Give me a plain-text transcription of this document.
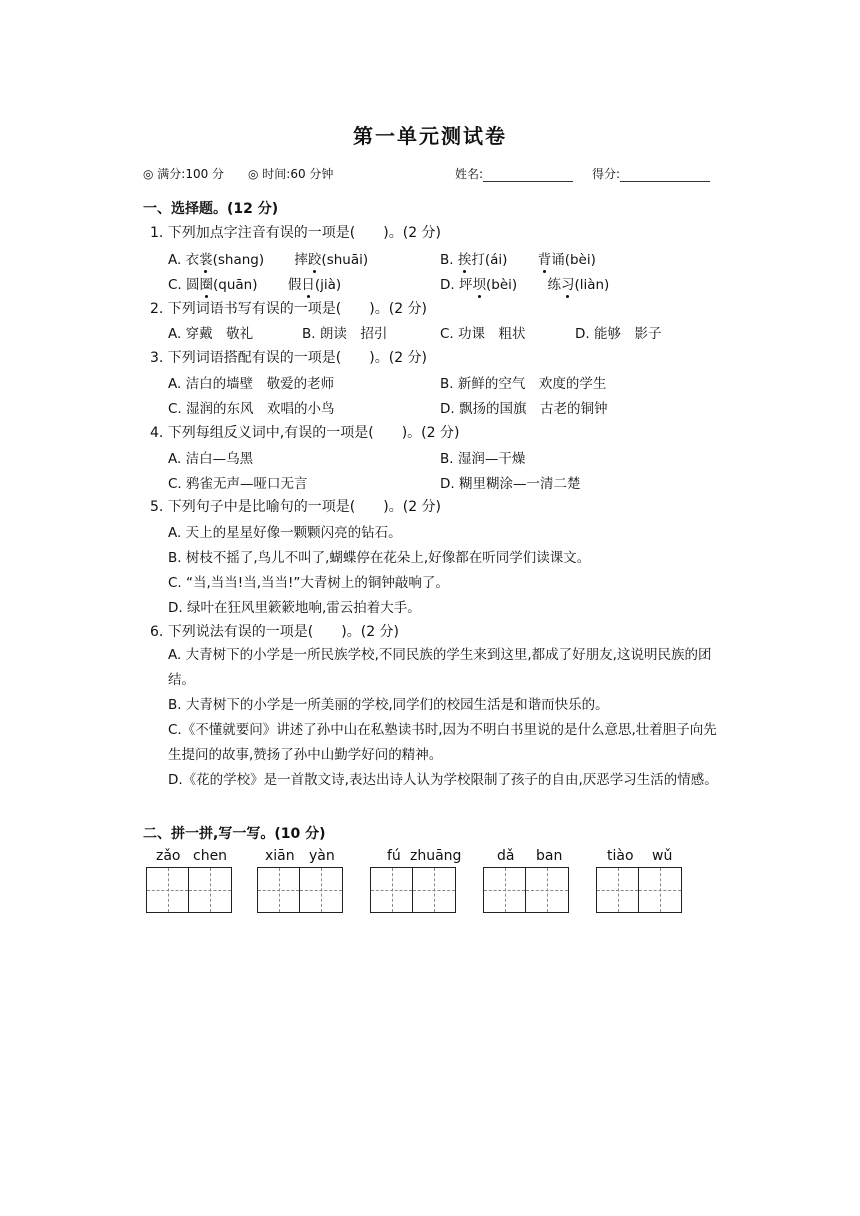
第一单元测试卷
◎ 满分:100 分 ◎ 时间:60 分钟	姓名:	得分:
一、选择题。(12 分)
1. 下列加点字注音有误的一项是(　　)。(2 分)
A. 衣裳(shang) 摔跤(shuāi)	B. 挨打(ái) 背诵(bèi)
C. 圆圈(quān) 假日(jià)	D. 坪坝(bèi) 练习(liàn)
2. 下列词语书写有误的一项是(　　)。(2 分)
A. 穿戴　敬礼	B. 朗读　招引	C. 功课　粗状	D. 能够　影子
3. 下列词语搭配有误的一项是(　　)。(2 分)
A. 洁白的墙壁　敬爱的老师	B. 新鲜的空气　欢度的学生
C. 湿润的东风　欢唱的小鸟	D. 飘扬的国旗　古老的铜钟
4. 下列每组反义词中,有误的一项是(　　)。(2 分)
A. 洁白—乌黑	B. 湿润—干燥
C. 鸦雀无声—哑口无言	D. 糊里糊涂—一清二楚
5. 下列句子中是比喻句的一项是(　　)。(2 分)
A. 天上的星星好像一颗颗闪亮的钻石。
B. 树枝不摇了,鸟儿不叫了,蝴蝶停在花朵上,好像都在听同学们读课文。
C. “当,当当!当,当当!”大青树上的铜钟敲响了。
D. 绿叶在狂风里簌簌地响,雷云拍着大手。
6. 下列说法有误的一项是(　　)。(2 分)
A. 大青树下的小学是一所民族学校,不同民族的学生来到这里,都成了好朋友,这说明民族的团结。
B. 大青树下的小学是一所美丽的学校,同学们的校园生活是和谐而快乐的。
C.《不懂就要问》讲述了孙中山在私塾读书时,因为不明白书里说的是什么意思,壮着胆子向先生提问的故事,赞扬了孙中山勤学好问的精神。
D.《花的学校》是一首散文诗,表达出诗人认为学校限制了孩子的自由,厌恶学习生活的情感。
二、拼一拼,写一写。(10 分)
zǎo chen	xiān yàn	fú zhuāng	dǎ ban	tiào wǔ
